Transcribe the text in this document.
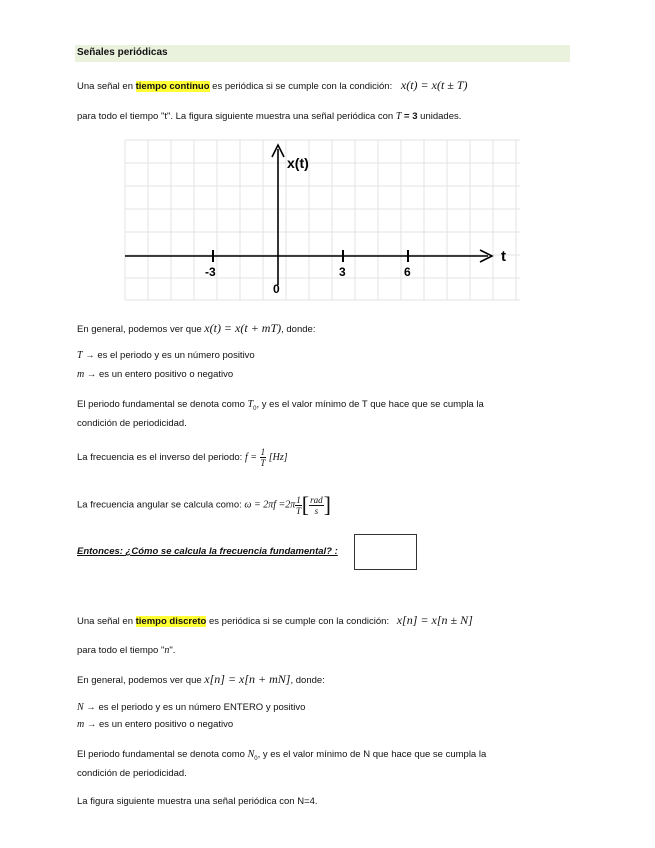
Señales periódicas
Una señal en tiempo continuo es periódica si se cumple con la condición: x(t) = x(t ± T)
para todo el tiempo "t". La figura siguiente muestra una señal periódica con T = 3 unidades.
x(t)
t
-3	3	6
0
En general, podemos ver que x(t) = x(t + mT), donde:
T → es el periodo y es un número positivo
m → es un entero positivo o negativo
El periodo fundamental se denota como $T_0$, y es el valor mínimo de T que hace que se cumpla la
condición de periodicidad.
La frecuencia es el inverso del periodo: $f = \frac{1}{T} [Hz]$
La frecuencia angular se calcula como: $\omega = 2\pi f =2\pi \frac{1}{T}$ [ $\frac{\text{rad}}{s}$ ]
Entonces: ¿Cómo se calcula la frecuencia fundamental? :
Una señal en tiempo discreto es periódica si se cumple con la condición: x[n] = x[n ± N]
para todo el tiempo "n".
En general, podemos ver que x[n] = x[n + mN], donde:
N → es el periodo y es un número ENTERO y positivo
m → es un entero positivo o negativo
El periodo fundamental se denota como $N_0$, y es el valor mínimo de N que hace que se cumpla la
condición de periodicidad.
La figura siguiente muestra una señal periódica con N=4.
